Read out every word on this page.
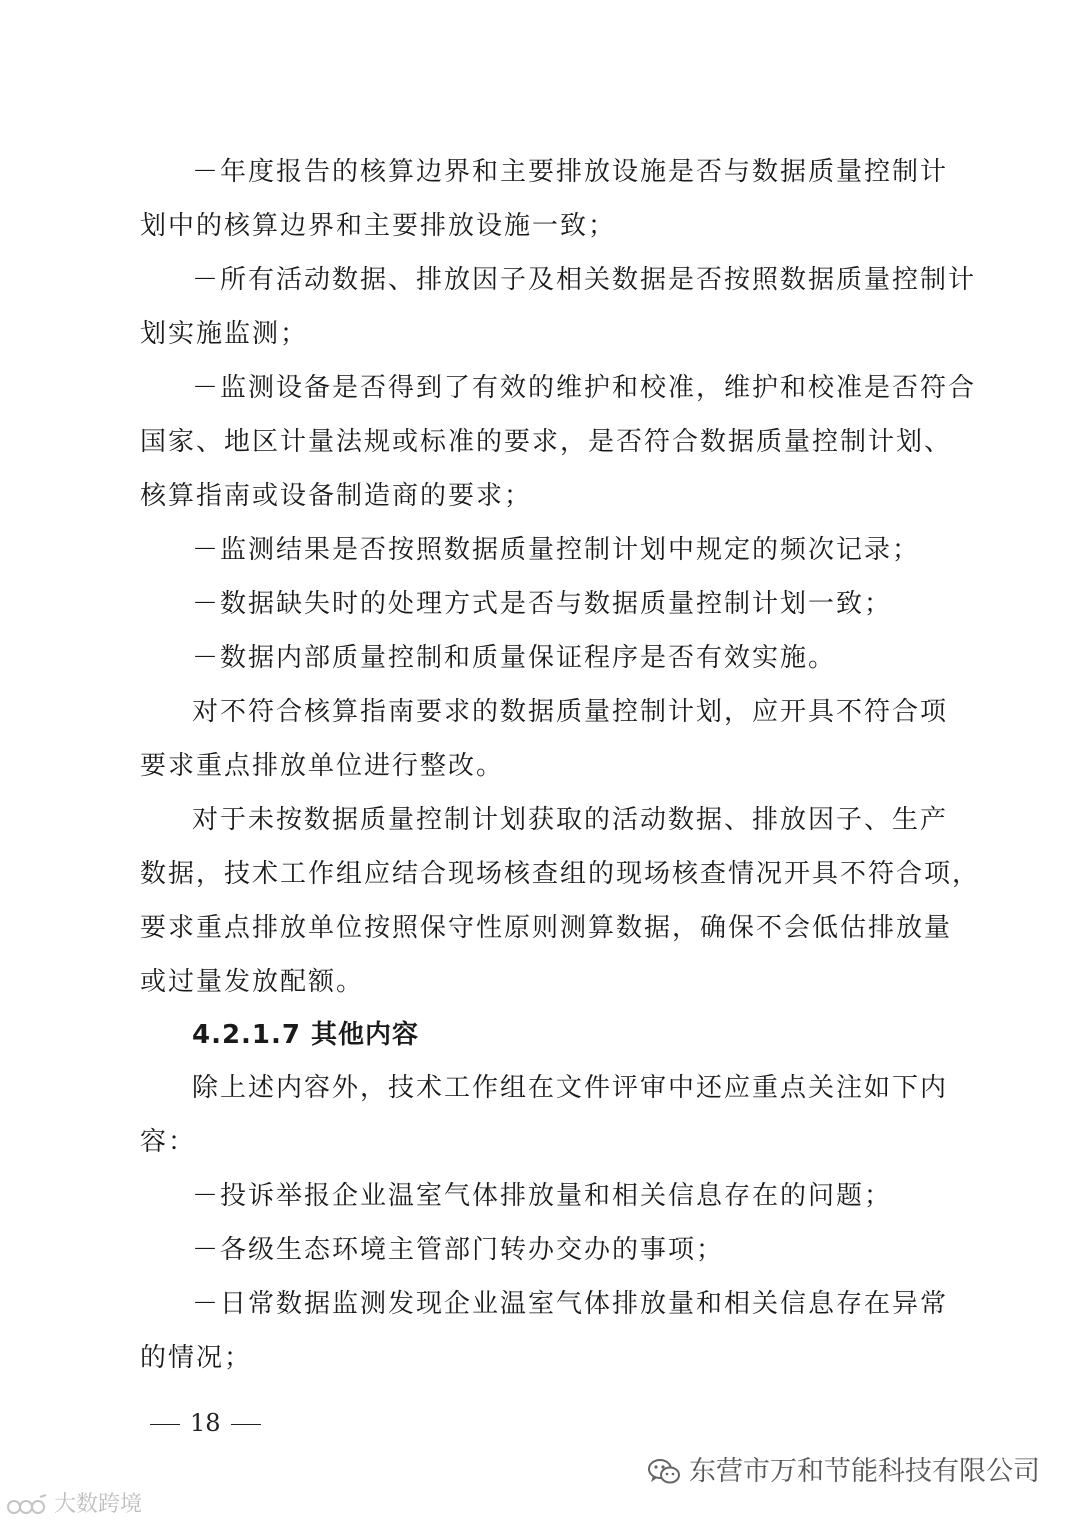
－年度报告的核算边界和主要排放设施是否与数据质量控制计
划中的核算边界和主要排放设施一致；
－所有活动数据、排放因子及相关数据是否按照数据质量控制计
划实施监测；
－监测设备是否得到了有效的维护和校准，维护和校准是否符合
国家、地区计量法规或标准的要求，是否符合数据质量控制计划、
核算指南或设备制造商的要求；
－监测结果是否按照数据质量控制计划中规定的频次记录；
－数据缺失时的处理方式是否与数据质量控制计划一致；
－数据内部质量控制和质量保证程序是否有效实施。
对不符合核算指南要求的数据质量控制计划，应开具不符合项
要求重点排放单位进行整改。
对于未按数据质量控制计划获取的活动数据、排放因子、生产
数据，技术工作组应结合现场核查组的现场核查情况开具不符合项，
要求重点排放单位按照保守性原则测算数据，确保不会低估排放量
或过量发放配额。
4.2.1.7 其他内容
除上述内容外，技术工作组在文件评审中还应重点关注如下内
容：
－投诉举报企业温室气体排放量和相关信息存在的问题；
－各级生态环境主管部门转办交办的事项；
－日常数据监测发现企业温室气体排放量和相关信息存在异常
的情况；
18
东营市万和节能科技有限公司
大数跨境
